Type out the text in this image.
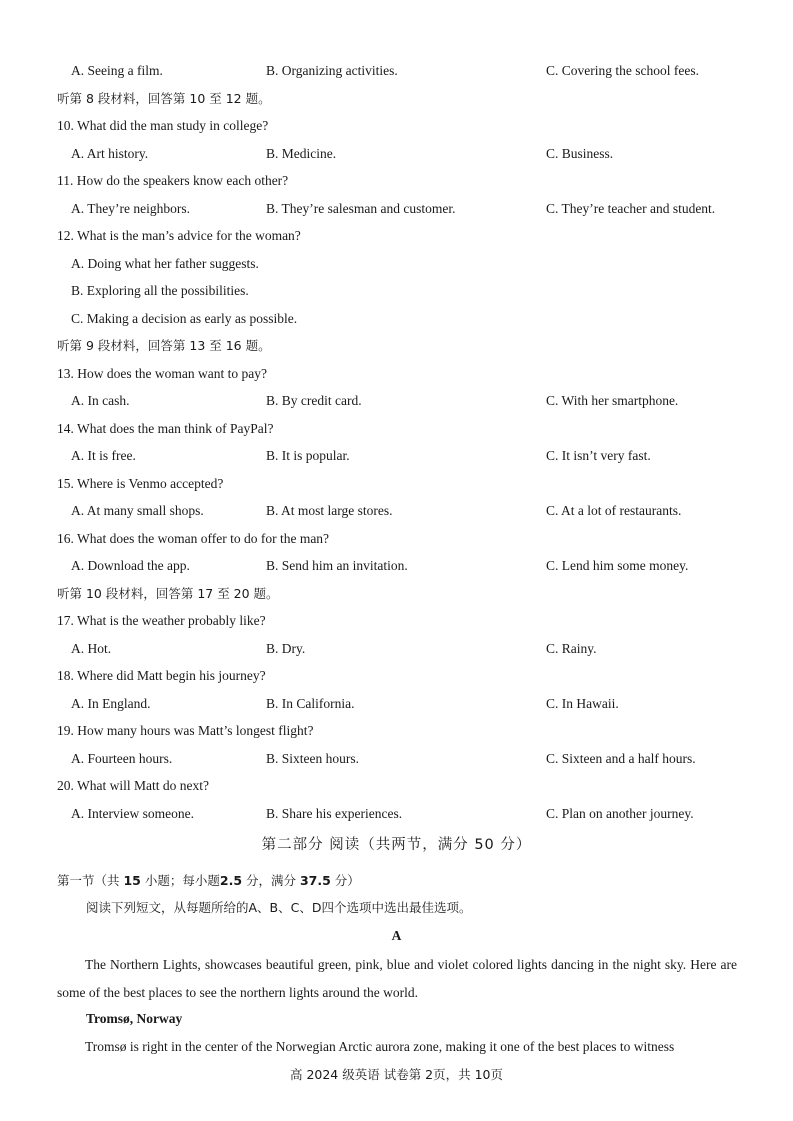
A. Seeing a film.	B. Organizing activities.	C. Covering the school fees.
听第 8 段材料，回答第 10 至 12 题。
10. What did the man study in college?
A. Art history.	B. Medicine.	C. Business.
11. How do the speakers know each other?
A. They’re neighbors.	B. They’re salesman and customer.	C. They’re teacher and student.
12. What is the man’s advice for the woman?
A. Doing what her father suggests.
B. Exploring all the possibilities.
C. Making a decision as early as possible.
听第 9 段材料，回答第 13 至 16 题。
13. How does the woman want to pay?
A. In cash.	B. By credit card.	C. With her smartphone.
14. What does the man think of PayPal?
A. It is free.	B. It is popular.	C. It isn’t very fast.
15. Where is Venmo accepted?
A. At many small shops.	B. At most large stores.	C. At a lot of restaurants.
16. What does the woman offer to do for the man?
A. Download the app.	B. Send him an invitation.	C. Lend him some money.
听第 10 段材料，回答第 17 至 20 题。
17. What is the weather probably like?
A. Hot.	B. Dry.	C. Rainy.
18. Where did Matt begin his journey?
A. In England.	B. In California.	C. In Hawaii.
19. How many hours was Matt’s longest flight?
A. Fourteen hours.	B. Sixteen hours.	C. Sixteen and a half hours.
20. What will Matt do next?
A. Interview someone.	B. Share his experiences.	C. Plan on another journey.
第二部分 阅读（共两节，满分 50 分）
第一节（共 15 小题；每小题2.5 分，满分 37.5 分）
阅读下列短文，从每题所给的A、B、C、D四个选项中选出最佳选项。
A
The Northern Lights, showcases beautiful green, pink, blue and violet colored lights dancing in the night sky. Here are some of the best places to see the northern lights around the world.
Tromsø, Norway
Tromsø is right in the center of the Norwegian Arctic aurora zone, making it one of the best places to witness
高 2024 级英语 试卷第 2页，共 10页
